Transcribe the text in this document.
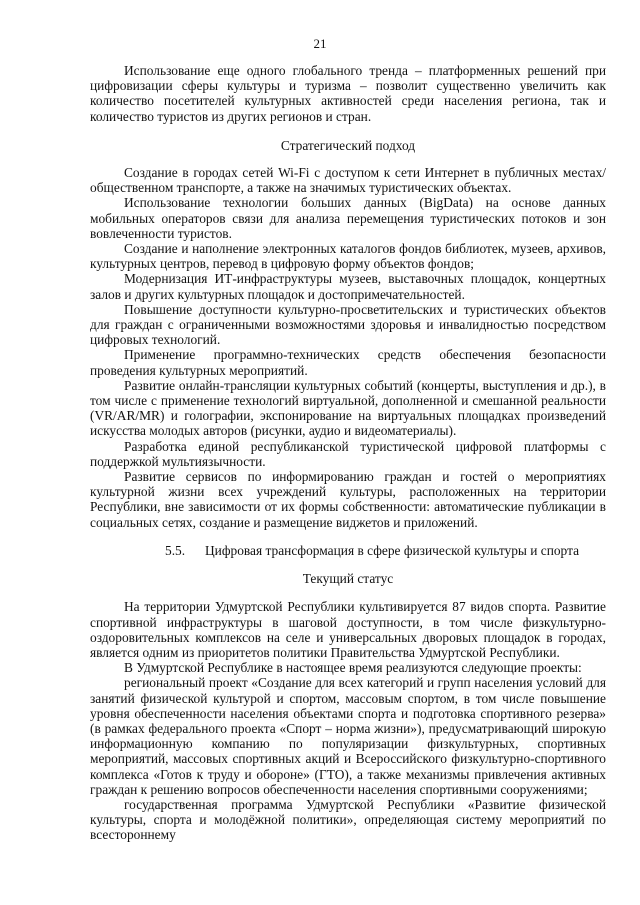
21

Использование еще одного глобального тренда – платформенных решений при цифровизации сферы культуры и туризма – позволит существенно увеличить как количество посетителей культурных активностей среди населения региона, так и количество туристов из других регионов и стран.

Стратегический подход

Создание в городах сетей Wi-Fi с доступом к сети Интернет в публичных местах/ общественном транспорте, а также на значимых туристических объектах.

Использование технологии больших данных (BigData) на основе данных мобильных операторов связи для анализа перемещения туристических потоков и зон вовлеченности туристов.

Создание и наполнение электронных каталогов фондов библиотек, музеев, архивов, культурных центров, перевод в цифровую форму объектов фондов;

Модернизация ИТ-инфраструктуры музеев, выставочных площадок, концертных залов и других культурных площадок и достопримечательностей.

Повышение доступности культурно-просветительских и туристических объектов для граждан с ограниченными возможностями здоровья и инвалидностью посредством цифровых технологий.

Применение программно-технических средств обеспечения безопасности проведения культурных мероприятий.

Развитие онлайн-трансляции культурных событий (концерты, выступления и др.), в том числе с применение технологий виртуальной, дополненной и смешанной реальности (VR/AR/MR) и голографии, экспонирование на виртуальных площадках произведений искусства молодых авторов (рисунки, аудио и видеоматериалы).

Разработка единой республиканской туристической цифровой платформы с поддержкой мультиязычности.

Развитие сервисов по информированию граждан и гостей о мероприятиях культурной жизни всех учреждений культуры, расположенных на территории Республики, вне зависимости от их формы собственности: автоматические публикации в социальных сетях, создание и размещение виджетов и приложений.

5.5. Цифровая трансформация в сфере физической культуры и спорта

Текущий статус

На территории Удмуртской Республики культивируется 87 видов спорта. Развитие спортивной инфраструктуры в шаговой доступности, в том числе физкультурно-оздоровительных комплексов на селе и универсальных дворовых площадок в городах, является одним из приоритетов политики Правительства Удмуртской Республики.

В Удмуртской Республике в настоящее время реализуются следующие проекты:

региональный проект «Создание для всех категорий и групп населения условий для занятий физической культурой и спортом, массовым спортом, в том числе повышение уровня обеспеченности населения объектами спорта и подготовка спортивного резерва» (в рамках федерального проекта «Спорт – норма жизни»), предусматривающий широкую информационную компанию по популяризации физкультурных, спортивных мероприятий, массовых спортивных акций и Всероссийского физкультурно-спортивного комплекса «Готов к труду и обороне» (ГТО), а также механизмы привлечения активных граждан к решению вопросов обеспеченности населения спортивными сооружениями;

государственная программа Удмуртской Республики «Развитие физической культуры, спорта и молодёжной политики», определяющая систему мероприятий по всестороннему
